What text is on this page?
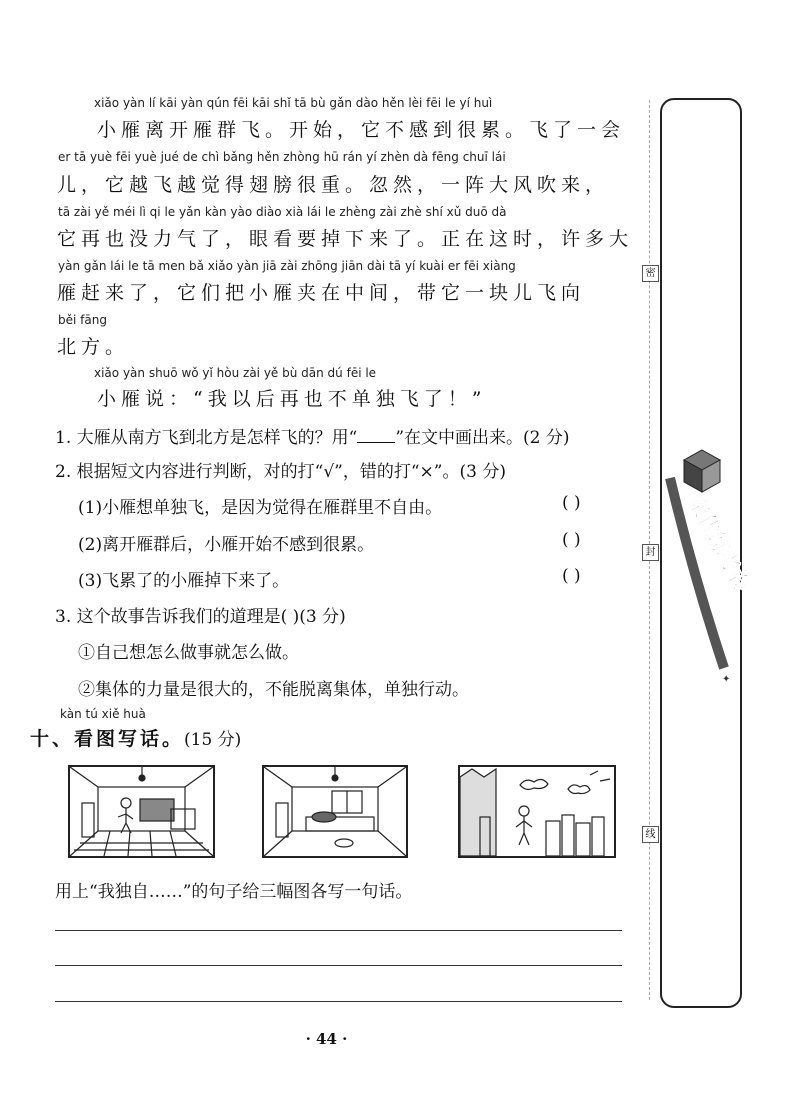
xiǎo yàn lí kāi yàn qún fēi kāi shǐ tā bù gǎn dào hěn lèi fēi le yí huì
小雁离开雁群飞。开始，它不感到很累。飞了一会
er tā yuè fēi yuè jué de chì bǎng hěn zhòng hū rán yí zhèn dà fēng chuī lái
儿，它越飞越觉得翅膀很重。忽然，一阵大风吹来，
tā zài yě méi lì qi le yǎn kàn yào diào xià lái le zhèng zài zhè shí xǔ duō dà
它再也没力气了，眼看要掉下来了。正在这时，许多大
yàn gǎn lái le tā men bǎ xiǎo yàn jiā zài zhōng jiān dài tā yí kuài er fēi xiàng
雁赶来了，它们把小雁夹在中间，带它一块儿飞向
běi fāng
北方。
xiǎo yàn shuō wǒ yǐ hòu zài yě bù dān dú fēi le
小雁说：“我以后再也不单独飞了！”
1. 大雁从南方飞到北方是怎样飞的？用“ ”在文中画出来。(2 分)
2. 根据短文内容进行判断，对的打“√”，错的打“×”。(3 分)
(1)小雁想单独飞，是因为觉得在雁群里不自由。	( )
(2)离开雁群后，小雁开始不感到很累。	( )
(3)飞累了的小雁掉下来了。	( )
3. 这个故事告诉我们的道理是( )(3 分)
①自己想怎么做事就怎么做。
②集体的力量是很大的，不能脱离集体，单独行动。
kàn tú xiě huà
十、看图写话。(15 分)
用上“我独自……”的句子给三幅图各写一句话。
密
封
线
聚优练考卷
✦
· 44 ·
